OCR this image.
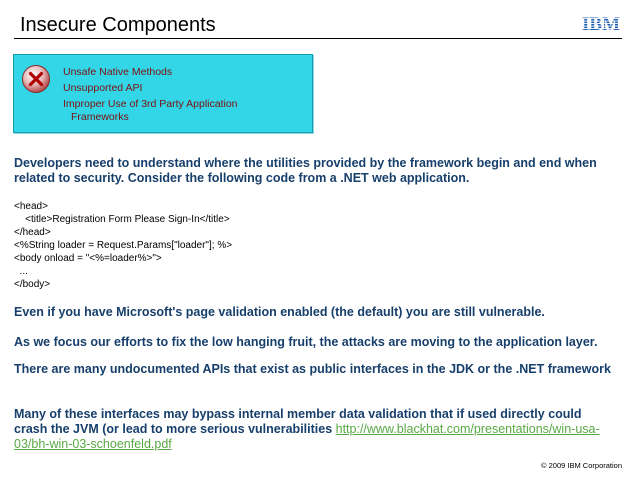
Insecure Components	IBM
Unsafe Native Methods
Unsupported API
Improper Use of 3rd Party Application
Frameworks
Developers need to understand where the utilities provided by the framework begin and end when related to security. Consider the following code from a .NET web application.
<head>
<title>Registration Form Please Sign-In</title>
</head>
<%String loader = Request.Params["loader"]; %>
<body onload = "<%=loader%>">
...
</body>
Even if you have Microsoft's page validation enabled (the default) you are still vulnerable.
As we focus our efforts to fix the low hanging fruit, the attacks are moving to the application layer.
There are many undocumented APIs that exist as public interfaces in the JDK or the .NET framework
Many of these interfaces may bypass internal member data validation that if used directly could crash the JVM (or lead to more serious vulnerabilities http://www.blackhat.com/presentations/win-usa-03/bh-win-03-schoenfeld.pdf
© 2009 IBM Corporation
